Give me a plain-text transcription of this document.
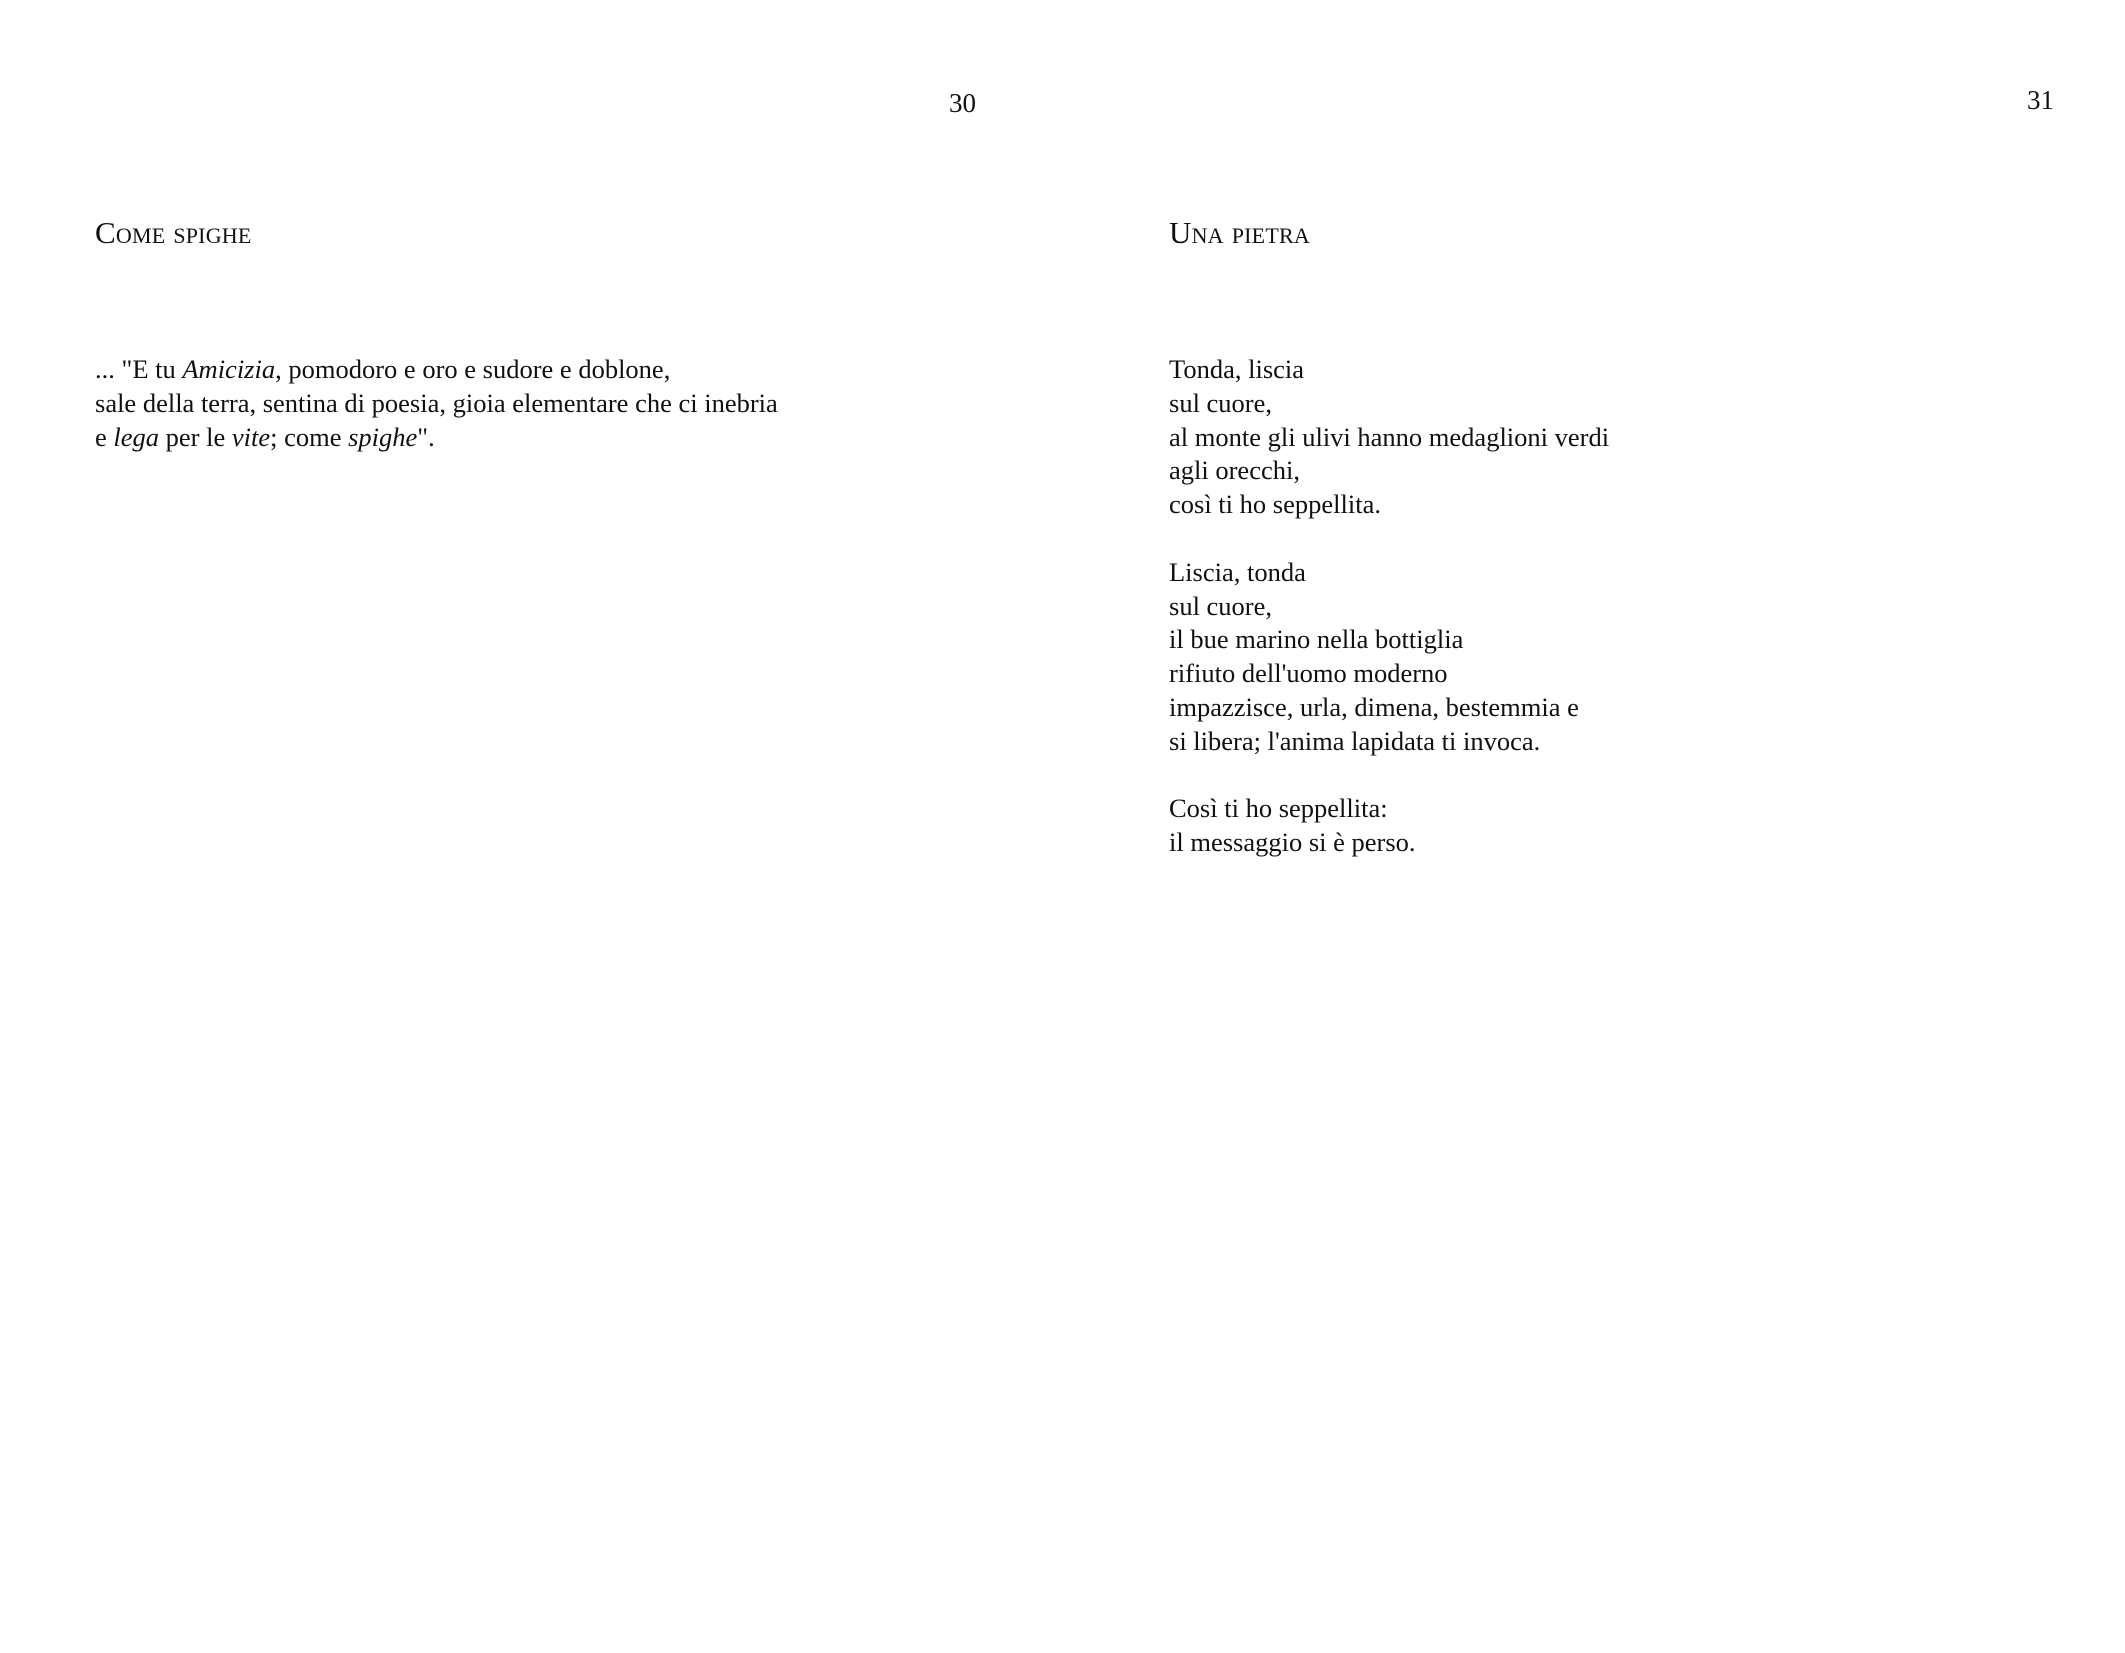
30
Come spighe
... "E tu Amicizia, pomodoro e oro e sudore e doblone,
sale della terra, sentina di poesia, gioia elementare che ci inebria
e lega per le vite; come spighe".
31
Una pietra
Tonda, liscia
sul cuore,
al monte gli ulivi hanno medaglioni verdi
agli orecchi,
così ti ho seppellita.
Liscia, tonda
sul cuore,
il bue marino nella bottiglia
rifiuto dell'uomo moderno
impazzisce, urla, dimena, bestemmia e
si libera; l'anima lapidata ti invoca.
Così ti ho seppellita:
il messaggio si è perso.
